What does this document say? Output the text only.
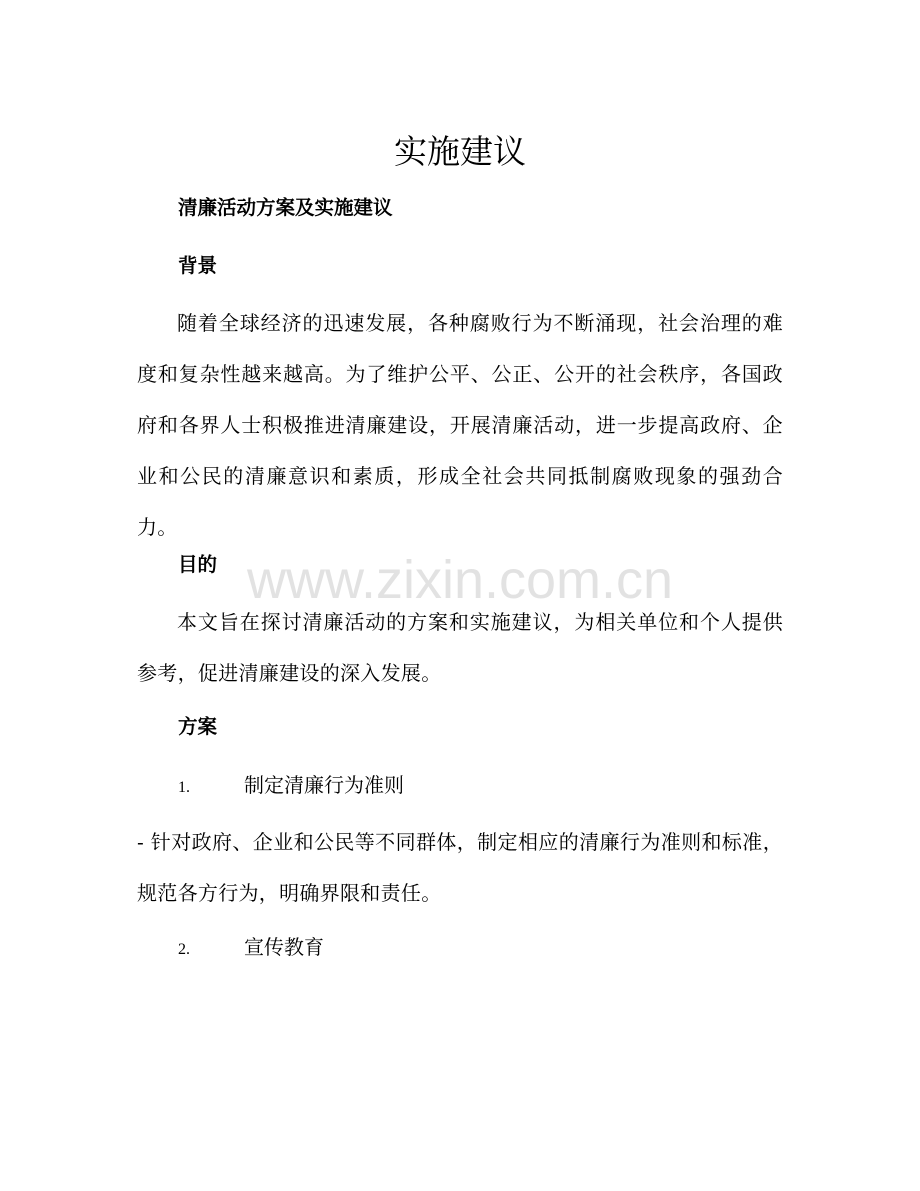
实施建议
清廉活动方案及实施建议
背景
随着全球经济的迅速发展，各种腐败行为不断涌现，社会治理的难度和复杂性越来越高。为了维护公平、公正、公开的社会秩序，各国政府和各界人士积极推进清廉建设，开展清廉活动，进一步提高政府、企业和公民的清廉意识和素质，形成全社会共同抵制腐败现象的强劲合力。
目的
本文旨在探讨清廉活动的方案和实施建议，为相关单位和个人提供参考，促进清廉建设的深入发展。
方案
1.	制定清廉行为准则
- 针对政府、企业和公民等不同群体，制定相应的清廉行为准则和标准，规范各方行为，明确界限和责任。
2.	宣传教育
www.zixin.com.cn
